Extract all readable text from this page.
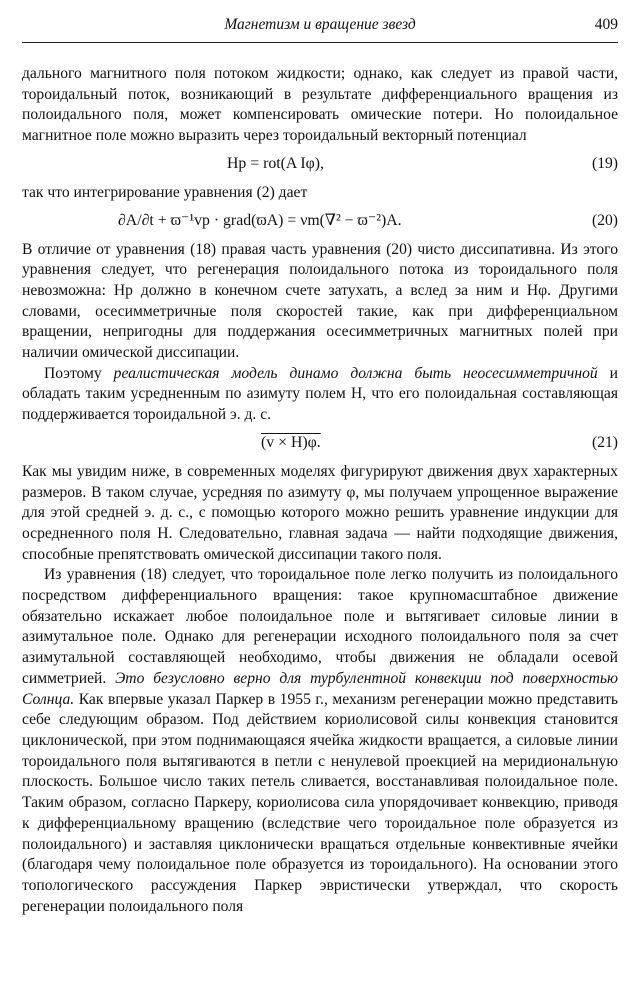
Магнетизм и вращение звезд	409

дального магнитного поля потоком жидкости; однако, как следует из правой части, тороидальный поток, возникающий в результате дифференциального вращения из полоидального поля, может компенсировать омические потери. Но полоидальное магнитное поле можно выразить через тороидальный векторный потенциал

Hp = rot(A Iφ),	(19)

так что интегрирование уравнения (2) дает

∂A/∂t + ϖ⁻¹vp · grad(ϖA) = νm(∇² − ϖ⁻²)A.	(20)

В отличие от уравнения (18) правая часть уравнения (20) чисто диссипативна. Из этого уравнения следует, что регенерация полоидального потока из тороидального поля невозможна: Hp должно в конечном счете затухать, а вслед за ним и Hφ. Другими словами, осесимметричные поля скоростей такие, как при дифференциальном вращении, непригодны для поддержания осесимметричных магнитных полей при наличии омической диссипации.

Поэтому реалистическая модель динамо должна быть неосесимметричной и обладать таким усредненным по азимуту полем H, что его полоидальная составляющая поддерживается тороидальной э. д. с.

(v × H)φ.	(21)

Как мы увидим ниже, в современных моделях фигурируют движения двух характерных размеров. В таком случае, усредняя по азимуту φ, мы получаем упрощенное выражение для этой средней э. д. с., с помощью которого можно решить уравнение индукции для осредненного поля H. Следовательно, главная задача — найти подходящие движения, способные препятствовать омической диссипации такого поля.

Из уравнения (18) следует, что тороидальное поле легко получить из полоидального посредством дифференциального вращения: такое крупномасштабное движение обязательно искажает любое полоидальное поле и вытягивает силовые линии в азимутальное поле. Однако для регенерации исходного полоидального поля за счет азимутальной составляющей необходимо, чтобы движения не обладали осевой симметрией. Это безусловно верно для турбулентной конвекции под поверхностью Солнца. Как впервые указал Паркер в 1955 г., механизм регенерации можно представить себе следующим образом. Под действием кориолисовой силы конвекция становится циклонической, при этом поднимающаяся ячейка жидкости вращается, а силовые линии тороидального поля вытягиваются в петли с ненулевой проекцией на меридиональную плоскость. Большое число таких петель сливается, восстанавливая полоидальное поле. Таким образом, согласно Паркеру, кориолисова сила упорядочивает конвекцию, приводя к дифференциальному вращению (вследствие чего тороидальное поле образуется из полоидального) и заставляя циклонически вращаться отдельные конвективные ячейки (благодаря чему полоидальное поле образуется из тороидального). На основании этого топологического рассуждения Паркер эвристически утверждал, что скорость регенерации полоидального поля
